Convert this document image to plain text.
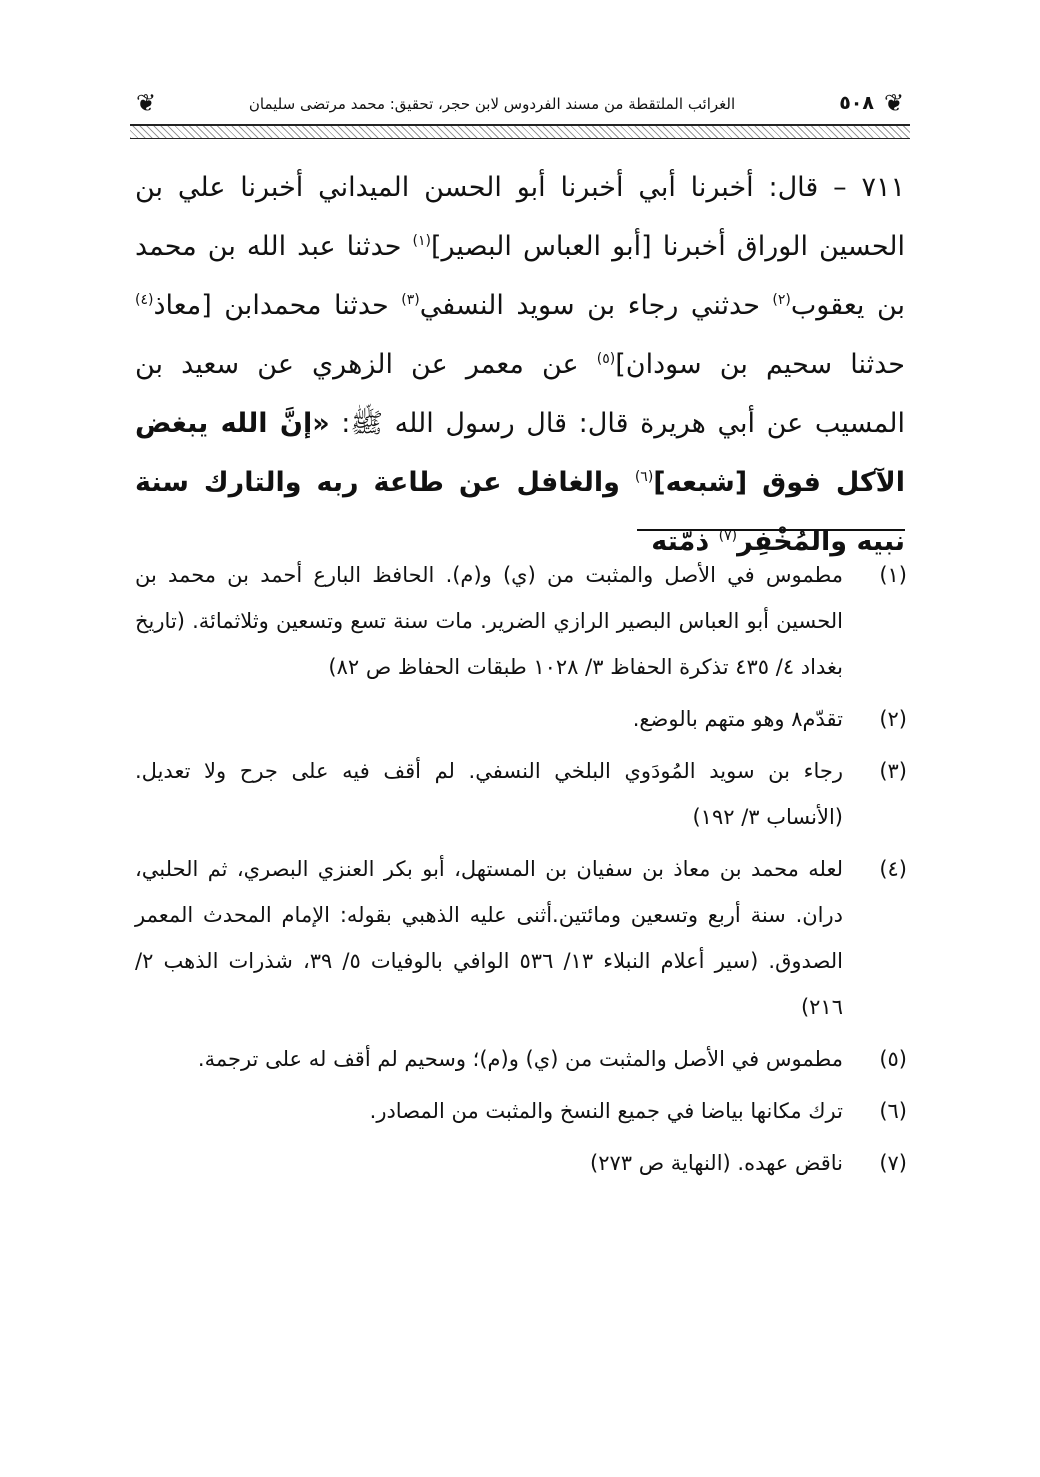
❦
٥٠٨
الغرائب الملتقطة من مسند الفردوس لابن حجر، تحقيق: محمد مرتضى سليمان
❦
٧١١ – قال: أخبرنا أبي أخبرنا أبو الحسن الميداني أخبرنا علي بن الحسين الوراق أخبرنا [أبو العباس البصير]$^{(١)}$ حدثنا عبد الله بن محمد بن يعقوب$^{(٢)}$ حدثني رجاء بن سويد النسفي$^{(٣)}$ حدثنا محمدابن [معاذ$^{(٤)}$ حدثنا سحيم بن سودان]$^{(٥)}$ عن معمر عن الزهري عن سعيد بن المسيب عن أبي هريرة قال: قال رسول الله ﷺ: «إنَّ الله يبغض الآكل فوق [شبعه]$^{(٦)}$ والغافل عن طاعة ربه والتارك سنة نبيه والمُخْفِر$^{(٧)}$ ذمّته
(١)
مطموس في الأصل والمثبت من (ي) و(م). الحافظ البارع أحمد بن محمد بن الحسين أبو العباس البصير الرازي الضرير. مات سنة تسع وتسعين وثلاثمائة. (تاريخ بغداد ٤/ ٤٣٥ تذكرة الحفاظ ٣/ ١٠٢٨ طبقات الحفاظ ص ٨٢)
(٢)
تقدّم٨ وهو متهم بالوضع.
(٣)
رجاء بن سويد المُودَوي البلخي النسفي. لم أقف فيه على جرح ولا تعديل. (الأنساب ٣/ ١٩٢)
(٤)
لعله محمد بن معاذ بن سفيان بن المستهل، أبو بكر العنزي البصري، ثم الحلبي، دران. سنة أربع وتسعين ومائتين.أثنى عليه الذهبي بقوله: الإمام المحدث المعمر الصدوق. (سير أعلام النبلاء ١٣/ ٥٣٦ الوافي بالوفيات ٥/ ٣٩، شذرات الذهب ٢/ ٢١٦)
(٥)
مطموس في الأصل والمثبت من (ي) و(م)؛ وسحيم لم أقف له على ترجمة.
(٦)
ترك مكانها بياضا في جميع النسخ والمثبت من المصادر.
(٧)
ناقض عهده. (النهاية ص ٢٧٣)
